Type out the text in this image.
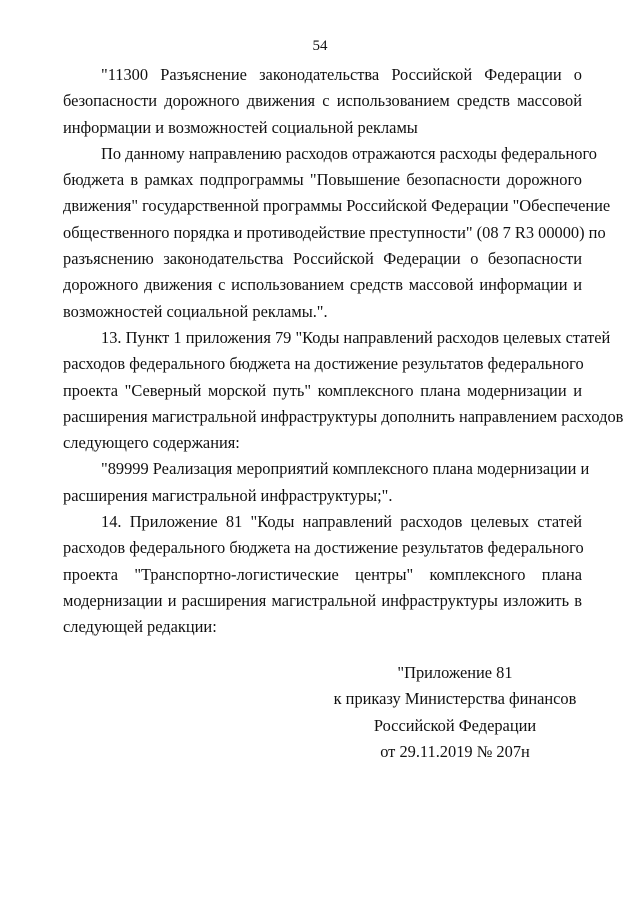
54
"11300 Разъяснение законодательства Российской Федерации о
безопасности дорожного движения с использованием средств массовой
информации и возможностей социальной рекламы
По данному направлению расходов отражаются расходы федерального
бюджета в рамках подпрограммы "Повышение безопасности дорожного
движения" государственной программы Российской Федерации "Обеспечение
общественного порядка и противодействие преступности" (08 7 R3 00000) по
разъяснению законодательства Российской Федерации о безопасности
дорожного движения с использованием средств массовой информации и
возможностей социальной рекламы.".
13. Пункт 1 приложения 79 "Коды направлений расходов целевых статей
расходов федерального бюджета на достижение результатов федерального
проекта "Северный морской путь" комплексного плана модернизации и
расширения магистральной инфраструктуры дополнить направлением расходов
следующего содержания:
"89999 Реализация мероприятий комплексного плана модернизации и
расширения магистральной инфраструктуры;".
14. Приложение 81 "Коды направлений расходов целевых статей
расходов федерального бюджета на достижение результатов федерального
проекта "Транспортно-логистические центры" комплексного плана
модернизации и расширения магистральной инфраструктуры изложить в
следующей редакции:
"Приложение 81
к приказу Министерства финансов
Российской Федерации
от 29.11.2019 № 207н
